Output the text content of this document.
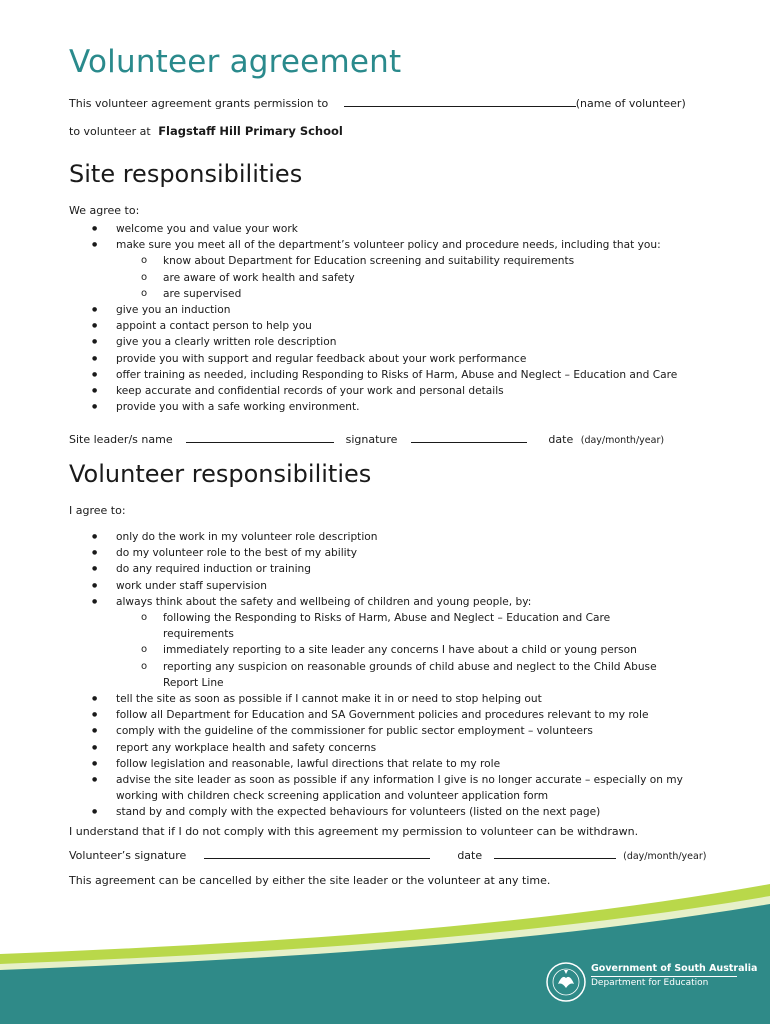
Volunteer agreement
This volunteer agreement grants permission to	(name of volunteer)
to volunteer at Flagstaff Hill Primary School
Site responsibilities
We agree to:
● welcome you and value your work
● make sure you meet all of the department’s volunteer policy and procedure needs, including that you:
o know about Department for Education screening and suitability requirements
o are aware of work health and safety
o are supervised
● give you an induction
● appoint a contact person to help you
● give you a clearly written role description
● provide you with support and regular feedback about your work performance
● offer training as needed, including Responding to Risks of Harm, Abuse and Neglect – Education and Care
● keep accurate and confidential records of your work and personal details
● provide you with a safe working environment.
Site leader/s name	signature	date (day/month/year)
Volunteer responsibilities
I agree to:
● only do the work in my volunteer role description
● do my volunteer role to the best of my ability
● do any required induction or training
● work under staff supervision
● always think about the safety and wellbeing of children and young people, by:
o following the Responding to Risks of Harm, Abuse and Neglect – Education and Care
requirements
o immediately reporting to a site leader any concerns I have about a child or young person
o reporting any suspicion on reasonable grounds of child abuse and neglect to the Child Abuse
Report Line
● tell the site as soon as possible if I cannot make it in or need to stop helping out
● follow all Department for Education and SA Government policies and procedures relevant to my role
● comply with the guideline of the commissioner for public sector employment – volunteers
● report any workplace health and safety concerns
● follow legislation and reasonable, lawful directions that relate to my role
● advise the site leader as soon as possible if any information I give is no longer accurate – especially on my
working with children check screening application and volunteer application form
● stand by and comply with the expected behaviours for volunteers (listed on the next page)
I understand that if I do not comply with this agreement my permission to volunteer can be withdrawn.
Volunteer’s signature	date	(day/month/year)
This agreement can be cancelled by either the site leader or the volunteer at any time.
Government of South Australia
Department for Education
